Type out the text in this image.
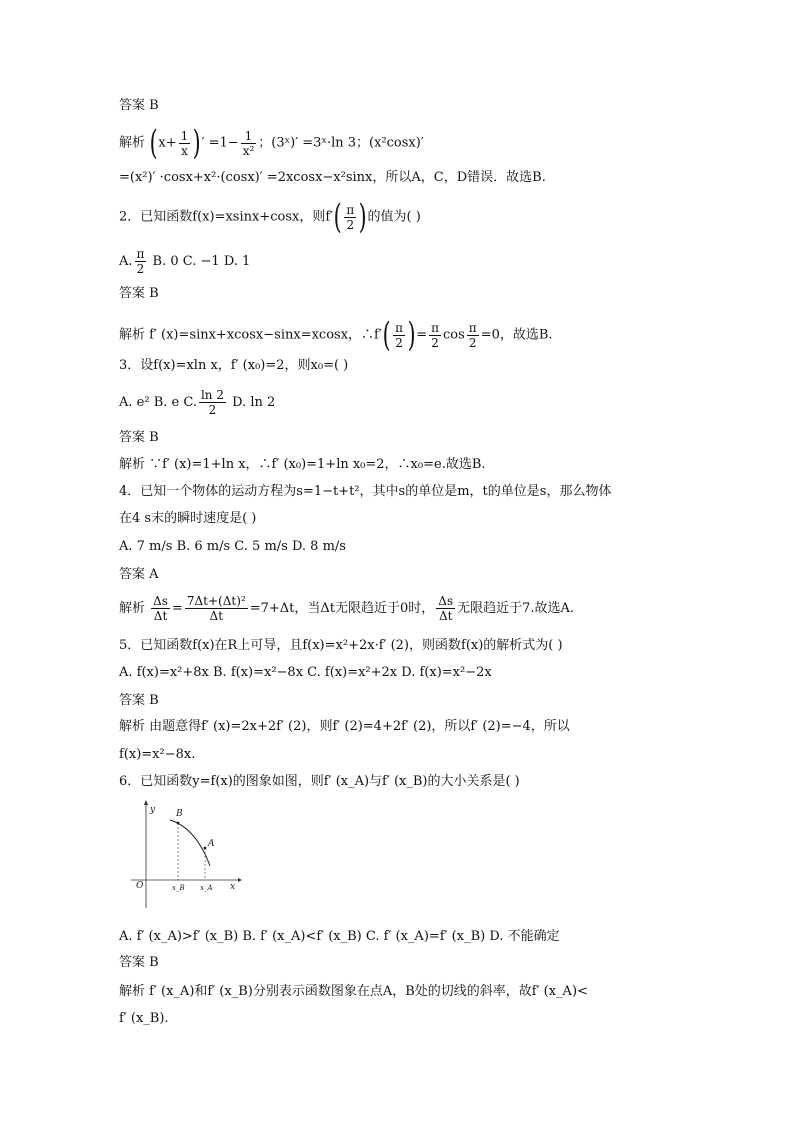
答案 B
解析 ($x+ \frac{1}{x}$ )′ $=1- \frac{1}{\text{x²}}$ ；(3ˣ)′ =3ˣ·ln 3；(x²cosx)′
=(x²)′ ·cosx+x²·(cosx)′ =2xcosx−x²sinx，所以A，C，D错误．故选B.
2．已知函数f(x)=xsinx+cosx，则$f'( \frac{\pi}{2}$ )的值为( )
A. $\frac{\pi}{2} B$. 0 C. −1 D. 1
答案 B
解析 f′ (x)=sinx+xcosx−sinx=xcosx，∴f′( $\frac{\pi}{2}$ )= $\frac{\pi}{2}$ $\cos \frac{\pi}{2} =0$，故选B.
3．设f(x)=xln x，f′ (x₀)=2，则x₀=( )
A. e² B. e C. $\frac{\ln 2}{2} D$. ln 2
答案 B
解析 ∵f′ (x)=1+ln x，∴f′ (x₀)=1+ln x₀=2，∴x₀=e.故选B.
4．已知一个物体的运动方程为s=1−t+t²，其中s的单位是m，t的单位是s，那么物体
在4 s末的瞬时速度是( )
A. 7 m/s B. 6 m/s C. 5 m/s D. 8 m/s
答案 A
解析 $\frac{\Delta s}{\Delta t} = \frac{\text{7Δt+(Δt)²}}{\Delta t} =7+\Delta t$，当Δt无限趋近于0时， $\frac{\Delta s}{\Delta t}$ 无限趋近于7.故选A.
5．已知函数f(x)在R上可导，且f(x)=x²+2x·f′ (2)，则函数f(x)的解析式为( )
A. f(x)=x²+8x B. f(x)=x²−8x C. f(x)=x²+2x D. f(x)=x²−2x
答案 B
解析 由题意得f′ (x)=2x+2f′ (2)，则f′ (2)=4+2f′ (2)，所以f′ (2)=−4，所以
f(x)=x²−8x.
6．已知函数y=f(x)的图象如图，则f′ (x_A)与f′ (x_B)的大小关系是( )
y
O	x
B
A
x_B x_A
A. f′ (x_A)>f′ (x_B) B. f′ (x_A)<f′ (x_B) C. f′ (x_A)=f′ (x_B) D. 不能确定
答案 B
解析 f′ (x_A)和f′ (x_B)分别表示函数图象在点A，B处的切线的斜率，故f′ (x_A)<
f′ (x_B).
